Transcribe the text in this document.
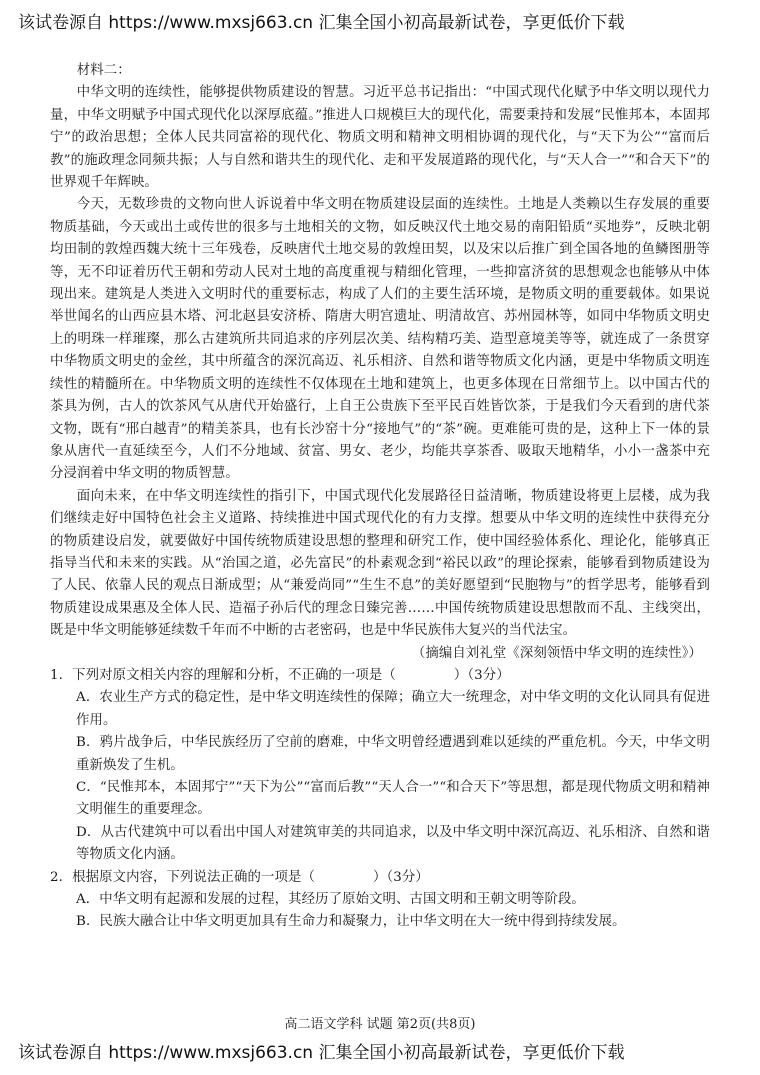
该试卷源自 https://www.mxsj663.cn 汇集全国小初高最新试卷，享更低价下载

材料二：

中华文明的连续性，能够提供物质建设的智慧。习近平总书记指出：“中国式现代化赋予中华文明以现代力量，中华文明赋予中国式现代化以深厚底蕴。”推进人口规模巨大的现代化，需要秉持和发展“民惟邦本，本固邦宁”的政治思想；全体人民共同富裕的现代化、物质文明和精神文明相协调的现代化，与“天下为公”“富而后教”的施政理念同频共振；人与自然和谐共生的现代化、走和平发展道路的现代化，与“天人合一”“和合天下”的世界观千年辉映。

今天，无数珍贵的文物向世人诉说着中华文明在物质建设层面的连续性。土地是人类赖以生存发展的重要物质基础，今天或出土或传世的很多与土地相关的文物，如反映汉代土地交易的南阳铅质“买地券”，反映北朝均田制的敦煌西魏大统十三年残卷，反映唐代土地交易的敦煌田契，以及宋以后推广到全国各地的鱼鳞图册等等，无不印证着历代王朝和劳动人民对土地的高度重视与精细化管理，一些抑富济贫的思想观念也能够从中体现出来。建筑是人类进入文明时代的重要标志，构成了人们的主要生活环境，是物质文明的重要载体。如果说举世闻名的山西应县木塔、河北赵县安济桥、隋唐大明宫遗址、明清故宫、苏州园林等，如同中华物质文明史上的明珠一样璀璨，那么古建筑所共同追求的序列层次美、结构精巧美、造型意境美等等，就连成了一条贯穿中华物质文明史的金丝，其中所蕴含的深沉高迈、礼乐相济、自然和谐等物质文化内涵，更是中华物质文明连续性的精髓所在。中华物质文明的连续性不仅体现在土地和建筑上，也更多体现在日常细节上。以中国古代的茶具为例，古人的饮茶风气从唐代开始盛行，上自王公贵族下至平民百姓皆饮茶，于是我们今天看到的唐代茶文物，既有“邢白越青”的精美茶具，也有长沙窑十分“接地气”的“茶”碗。更难能可贵的是，这种上下一体的景象从唐代一直延续至今，人们不分地域、贫富、男女、老少，均能共享茶香、吸取天地精华，小小一盏茶中充分浸润着中华文明的物质智慧。

面向未来，在中华文明连续性的指引下，中国式现代化发展路径日益清晰，物质建设将更上层楼，成为我们继续走好中国特色社会主义道路、持续推进中国式现代化的有力支撑。想要从中华文明的连续性中获得充分的物质建设启发，就要做好中国传统物质建设思想的整理和研究工作，使中国经验体系化、理论化，能够真正指导当代和未来的实践。从“治国之道，必先富民”的朴素观念到“裕民以政”的理论探索，能够看到物质建设为了人民、依靠人民的观点日渐成型；从“兼爱尚同”“生生不息”的美好愿望到“民胞物与”的哲学思考，能够看到物质建设成果惠及全体人民、造福子孙后代的理念日臻完善……中国传统物质建设思想散而不乱、主线突出，既是中华文明能够延续数千年而不中断的古老密码，也是中华民族伟大复兴的当代法宝。

（摘编自刘礼堂《深刻领悟中华文明的连续性》）

1．下列对原文相关内容的理解和分析，不正确的一项是（	）（3分）

A．农业生产方式的稳定性，是中华文明连续性的保障；确立大一统理念，对中华文明的文化认同具有促进作用。

B．鸦片战争后，中华民族经历了空前的磨难，中华文明曾经遭遇到难以延续的严重危机。今天，中华文明重新焕发了生机。

C．“民惟邦本，本固邦宁”“天下为公”“富而后教”“天人合一”“和合天下”等思想，都是现代物质文明和精神文明催生的重要理念。

D．从古代建筑中可以看出中国人对建筑审美的共同追求，以及中华文明中深沉高迈、礼乐相济、自然和谐等物质文化内涵。

2．根据原文内容，下列说法正确的一项是（	）（3分）

A．中华文明有起源和发展的过程，其经历了原始文明、古国文明和王朝文明等阶段。

B．民族大融合让中华文明更加具有生命力和凝聚力，让中华文明在大一统中得到持续发展。

高二语文学科 试题 第2页(共8页)
该试卷源自 https://www.mxsj663.cn 汇集全国小初高最新试卷，享更低价下载
